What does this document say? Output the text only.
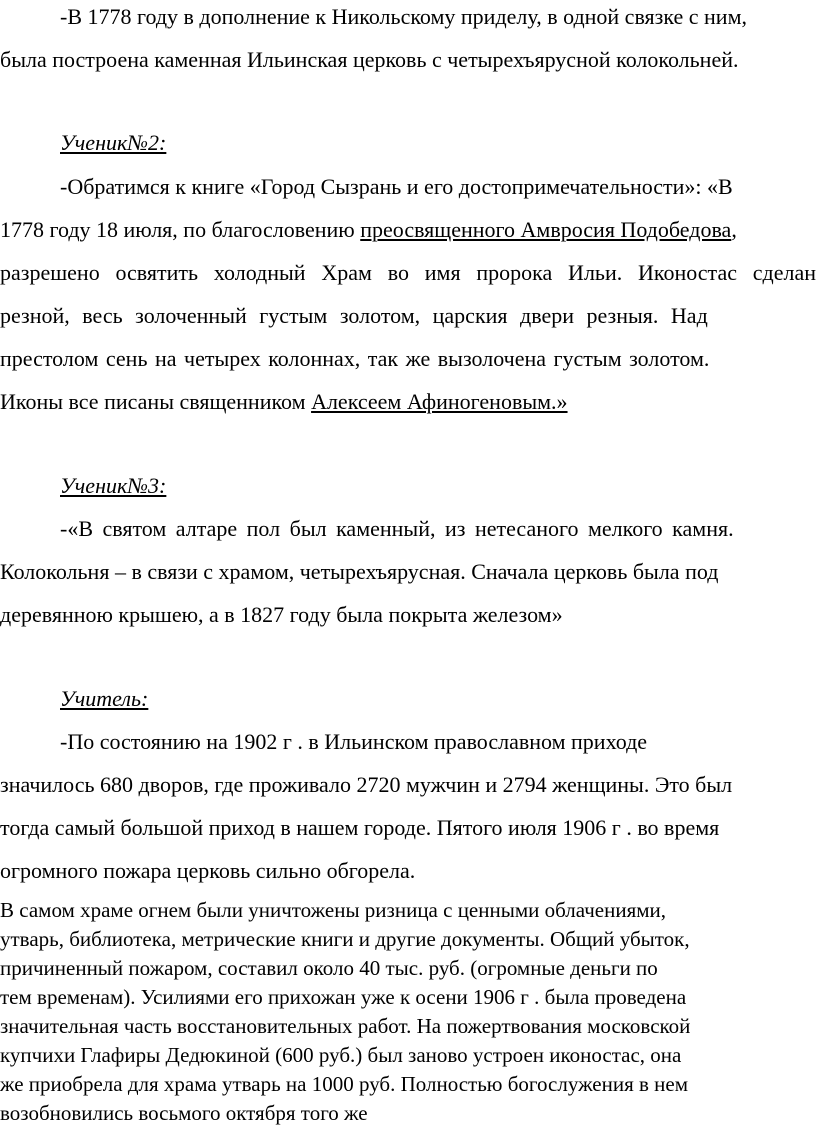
-В 1778 году в дополнение к Никольскому приделу, в одной связке с ним,
была построена каменная Ильинская церковь с четырехъярусной колокольней.
Ученик№2:
-Обратимся к книге «Город Сызрань и его достопримечательности»: «В
1778 году 18 июля, по благословению преосвященного Амвросия Подобедова,
разрешено освятить холодный Храм во имя пророка Ильи. Иконостас сделан
резной, весь золоченный густым золотом, царския двери резныя. Над
престолом сень на четырех колоннах, так же вызолочена густым золотом.
Иконы все писаны священником Алексеем Афиногеновым.»
Ученик№3:
-«В святом алтаре пол был каменный, из нетесаного мелкого камня.
Колокольня – в связи с храмом, четырехъярусная. Сначала церковь была под
деревянною крышею, а в 1827 году была покрыта железом»
Учитель:
-По состоянию на 1902 г . в Ильинском православном приходе
значилось 680 дворов, где проживало 2720 мужчин и 2794 женщины. Это был
тогда самый большой приход в нашем городе. Пятого июля 1906 г . во время
огромного пожара церковь сильно обгорела.
В самом храме огнем были уничтожены ризница с ценными облачениями,
утварь, библиотека, метрические книги и другие документы. Общий убыток,
причиненный пожаром, составил около 40 тыс. руб. (огромные деньги по
тем временам). Усилиями его прихожан уже к осени 1906 г . была проведена
значительная часть восстановительных работ. На пожертвования московской
купчихи Глафиры Дедюкиной (600 руб.) был заново устроен иконостас, она
же приобрела для храма утварь на 1000 руб. Полностью богослужения в нем
возобновились восьмого октября того же
